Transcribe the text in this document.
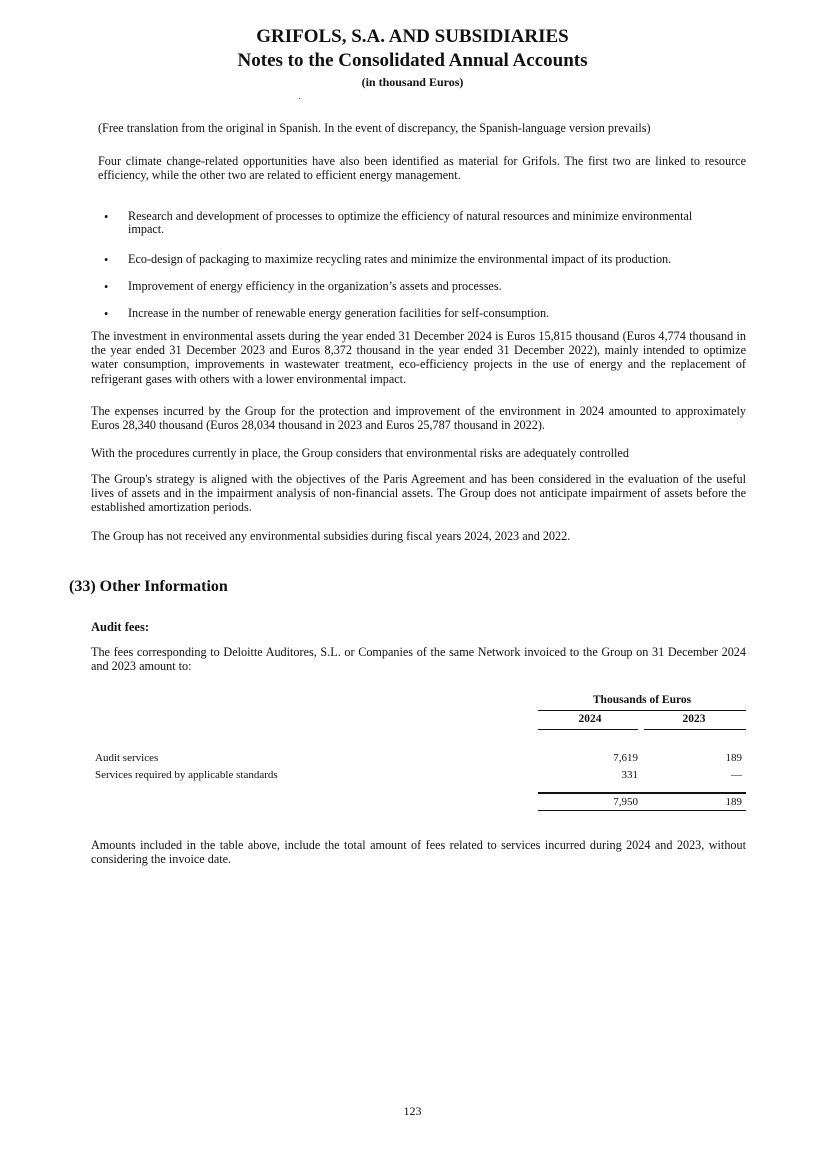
GRIFOLS, S.A. AND SUBSIDIARIES
Notes to the Consolidated Annual Accounts
(in thousand Euros)
(Free translation from the original in Spanish. In the event of discrepancy, the Spanish-language version prevails)
Four climate change-related opportunities have also been identified as material for Grifols. The first two are linked to resource efficiency, while the other two are related to efficient energy management.
• Research and development of processes to optimize the efficiency of natural resources and minimize environmental impact.
• Eco-design of packaging to maximize recycling rates and minimize the environmental impact of its production.
• Improvement of energy efficiency in the organization’s assets and processes.
• Increase in the number of renewable energy generation facilities for self-consumption.
The investment in environmental assets during the year ended 31 December 2024 is Euros 15,815 thousand (Euros 4,774 thousand in the year ended 31 December 2023 and Euros 8,372 thousand in the year ended 31 December 2022), mainly intended to optimize water consumption, improvements in wastewater treatment, eco-efficiency projects in the use of energy and the replacement of refrigerant gases with others with a lower environmental impact.
The expenses incurred by the Group for the protection and improvement of the environment in 2024 amounted to approximately Euros 28,340 thousand (Euros 28,034 thousand in 2023 and Euros 25,787 thousand in 2022).
With the procedures currently in place, the Group considers that environmental risks are adequately controlled
The Group's strategy is aligned with the objectives of the Paris Agreement and has been considered in the evaluation of the useful lives of assets and in the impairment analysis of non-financial assets. The Group does not anticipate impairment of assets before the established amortization periods.
The Group has not received any environmental subsidies during fiscal years 2024, 2023 and 2022.
(33) Other Information
Audit fees:
The fees corresponding to Deloitte Auditores, S.L. or Companies of the same Network invoiced to the Group on 31 December 2024 and 2023 amount to:
Thousands of Euros
2024	2023
Audit services	7,619	189
Services required by applicable standards	331	—
7,950	189
Amounts included in the table above, include the total amount of fees related to services incurred during 2024 and 2023, without considering the invoice date.
123
